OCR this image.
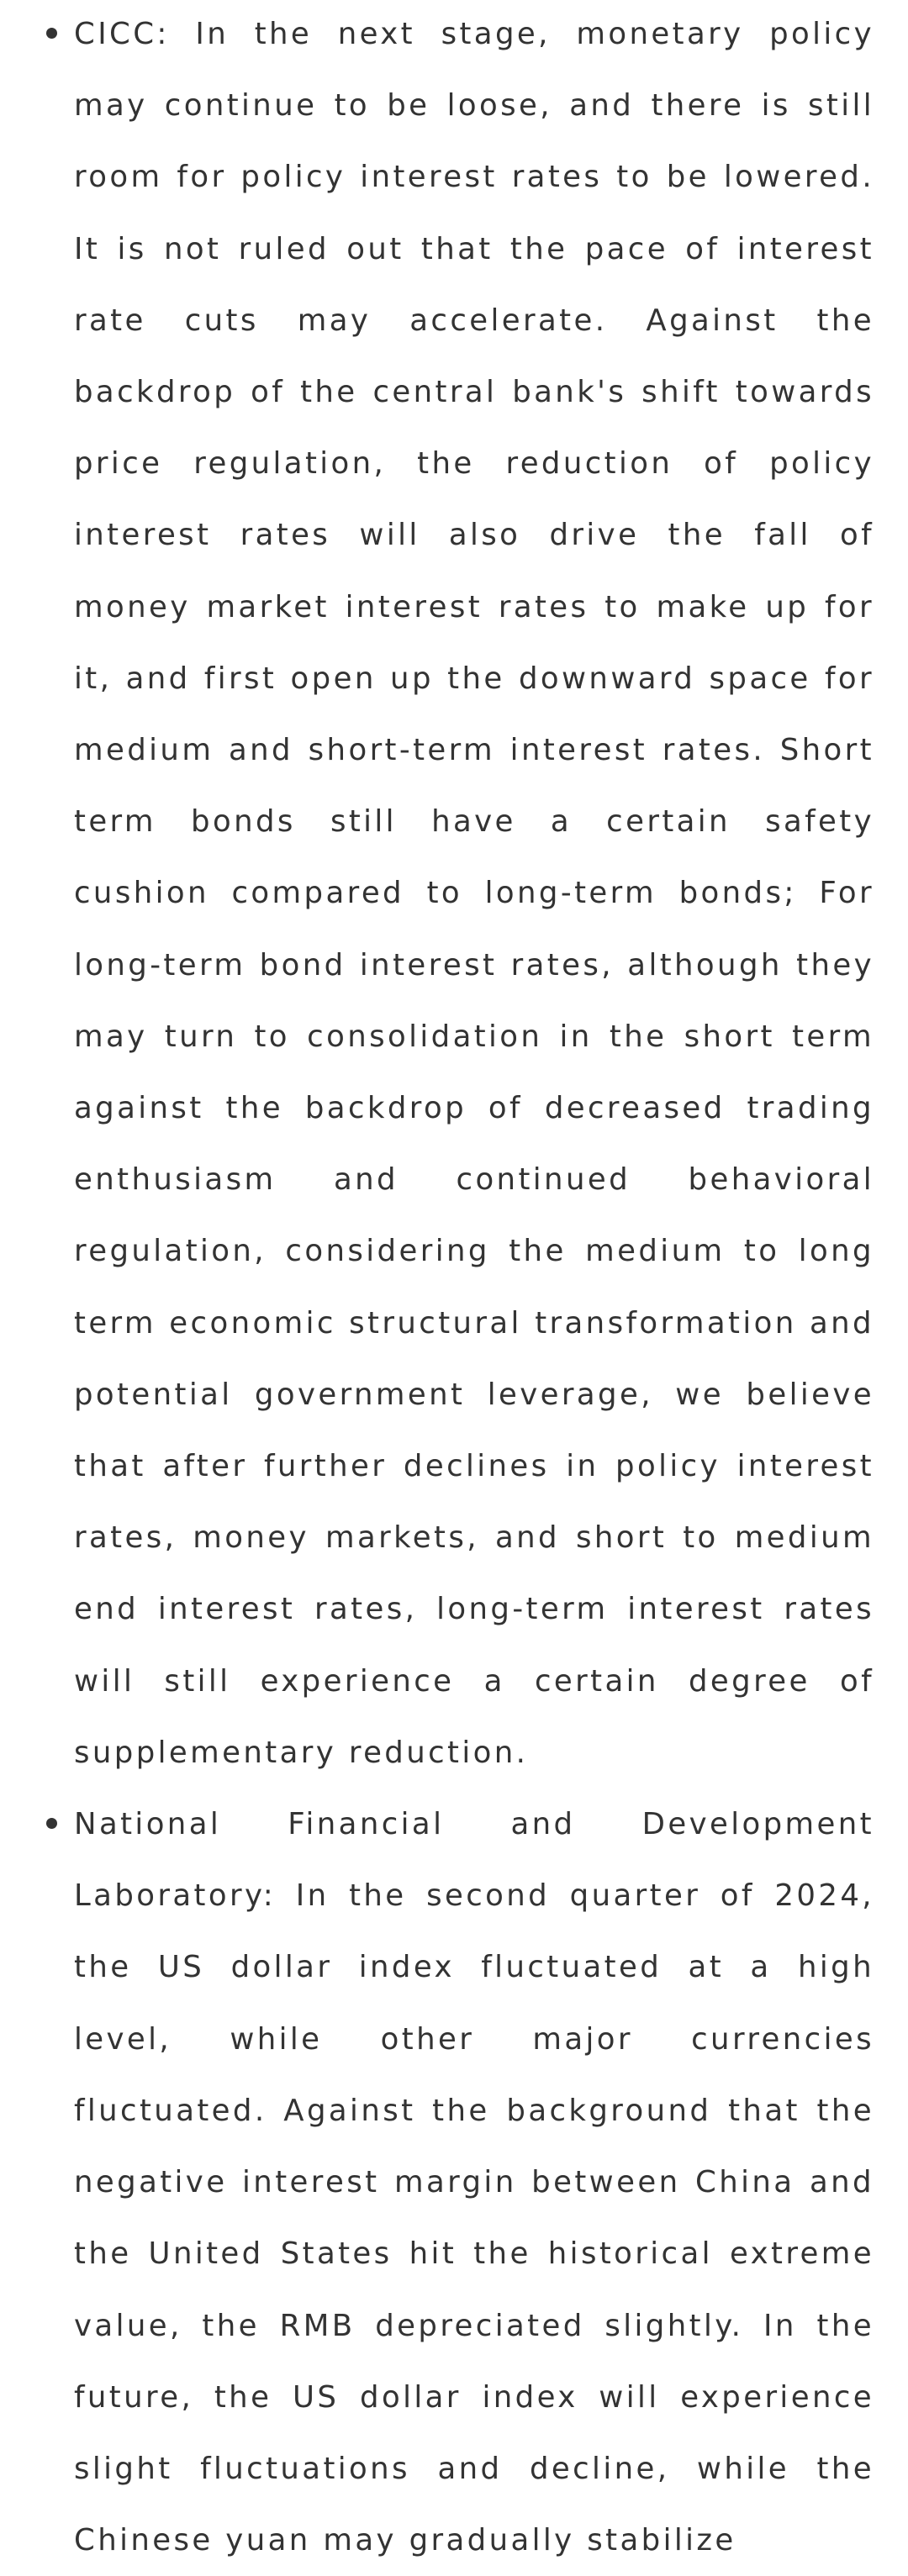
CICC: In the next stage, monetary policy may continue to be loose, and there is still room for policy interest rates to be lowered. It is not ruled out that the pace of interest rate cuts may accelerate. Against the backdrop of the central bank's shift towards price regulation, the reduction of policy interest rates will also drive the fall of money market interest rates to make up for it, and first open up the downward space for medium and short-term interest rates. Short term bonds still have a certain safety cushion compared to long-term bonds; For long-term bond interest rates, although they may turn to consolidation in the short term against the backdrop of decreased trading enthusiasm and continued behavioral regulation, considering the medium to long term economic structural transformation and potential government leverage, we believe that after further declines in policy interest rates, money markets, and short to medium end interest rates, long-term interest rates will still experience a certain degree of supplementary reduction.

National Financial and Development Laboratory: In the second quarter of 2024, the US dollar index fluctuated at a high level, while other major currencies fluctuated. Against the background that the negative interest margin between China and the United States hit the historical extreme value, the RMB depreciated slightly. In the future, the US dollar index will experience slight fluctuations and decline, while the Chinese yuan may gradually stabilize
